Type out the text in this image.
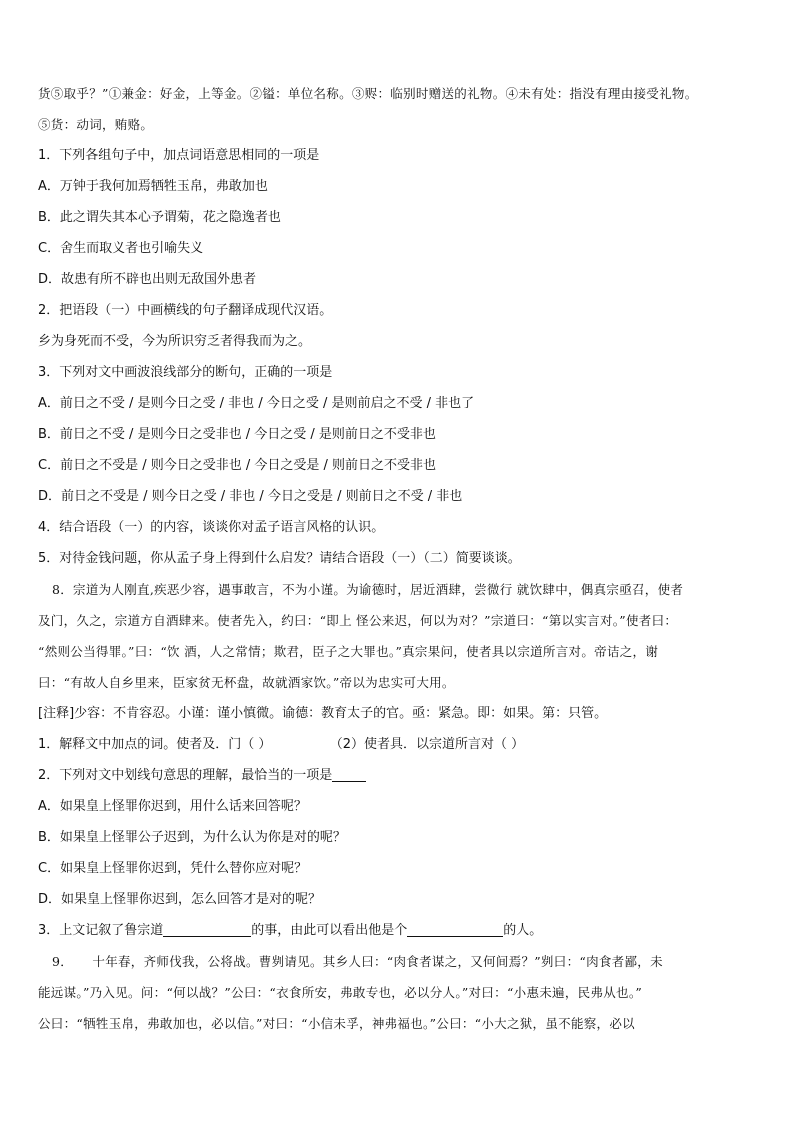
货⑤取乎？”①兼金：好金，上等金。②镒：单位名称。③赆：临别时赠送的礼物。④未有处：指没有理由接受礼物。
⑤货：动词，贿赂。
1．下列各组句子中，加点词语意思相同的一项是
A．万钟于我何加焉牺牲玉帛，弗敢加也
B．此之谓失其本心予谓菊，花之隐逸者也
C．舍生而取义者也引喻失义
D．故患有所不辟也出则无敌国外患者
2．把语段（一）中画横线的句子翻译成现代汉语。
乡为身死而不受，今为所识穷乏者得我而为之。
3．下列对文中画波浪线部分的断句，正确的一项是
A．前日之不受 / 是则今日之受 / 非也 / 今日之受 / 是则前启之不受 / 非也了
B．前日之不受 / 是则今日之受非也 / 今日之受 / 是则前日之不受非也
C．前日之不受是 / 则今日之受非也 / 今日之受是 / 则前日之不受非也
D．前日之不受是 / 则今日之受 / 非也 / 今日之受是 / 则前日之不受 / 非也
4．结合语段（一）的内容，谈谈你对孟子语言风格的认识。
5．对待金钱问题，你从孟子身上得到什么启发？请结合语段（一）（二）简要谈谈。
8．宗道为人刚直,疾恶少容，遇事敢言，不为小谨。为谕德时，居近酒肆，尝微行 就饮肆中，偶真宗亟召，使者
及门，久之，宗道方自酒肆来。使者先入，约曰：“即上 怪公来迟，何以为对？”宗道曰：“第以实言对。”使者曰：
“然则公当得罪。”曰：“饮 酒，人之常情；欺君，臣子之大罪也。”真宗果问，使者具以宗道所言对。帝诘之，谢
曰：“有故人自乡里来，臣家贫无杯盘，故就酒家饮。”帝以为忠实可大用。
[注释]少容：不肯容忍。小谨：谨小慎微。谕德：教育太子的官。亟：紧急。即：如果。第：只管。
1．解释文中加点的词。使者及．门（ ）	（2）使者具．以宗道所言对（ ）
2．下列对文中划线句意思的理解，最恰当的一项是
A．如果皇上怪罪你迟到，用什么话来回答呢？
B．如果皇上怪罪公子迟到，为什么认为你是对的呢？
C．如果皇上怪罪你迟到，凭什么替你应对呢？
D．如果皇上怪罪你迟到，怎么回答才是对的呢？
3．上文记叙了鲁宗道	的事，由此可以看出他是个	的人。
9．　　十年春，齐师伐我，公将战。曹刿请见。其乡人曰：“肉食者谋之，又何间焉？”刿曰：“肉食者鄙，未
能远谋。”乃入见。问：“何以战？”公曰：“衣食所安，弗敢专也，必以分人。”对曰：“小惠未遍，民弗从也。”
公曰：“牺牲玉帛，弗敢加也，必以信。”对曰：“小信未孚，神弗福也。”公曰：“小大之狱，虽不能察，必以
